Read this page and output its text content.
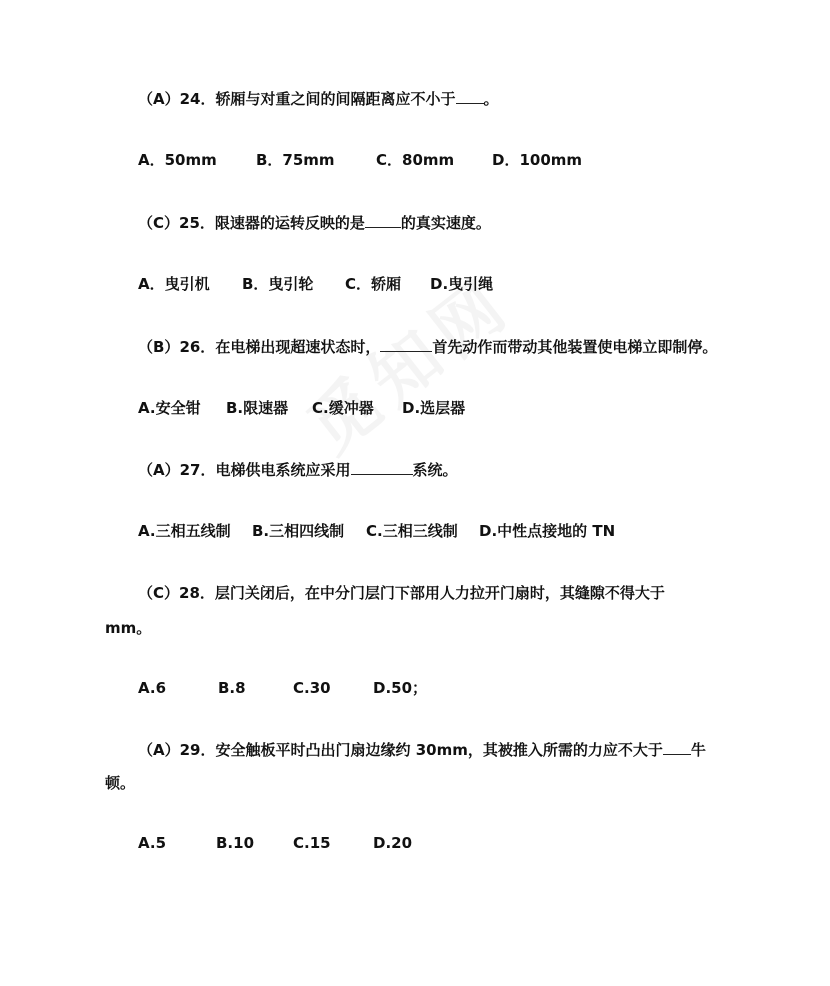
（A）24．轿厢与对重之间的间隔距离应不小于 。
A．50mm	B．75mm	C．80mm	D．100mm
（C）25．限速器的运转反映的是 的真实速度。
A．曳引机 B．曳引轮 C．轿厢 D.曳引绳
（B）26．在电梯出现超速状态时，	首先动作而带动其他装置使电梯立即制停。
A.安全钳 B.限速器 C.缓冲器 D.选层器
（A）27．电梯供电系统应采用	系统。
A.三相五线制 B.三相四线制 C.三相三线制 D.中性点接地的 TN
（C）28．层门关闭后，在中分门层门下部用人力拉开门扇时，其缝隙不得大于
mm。
A.6	B.8	C.30	D.50；
（A）29．安全触板平时凸出门扇边缘约 30mm，其被推入所需的力应不大于 牛
顿。
A.5	B.10	C.15	D.20
